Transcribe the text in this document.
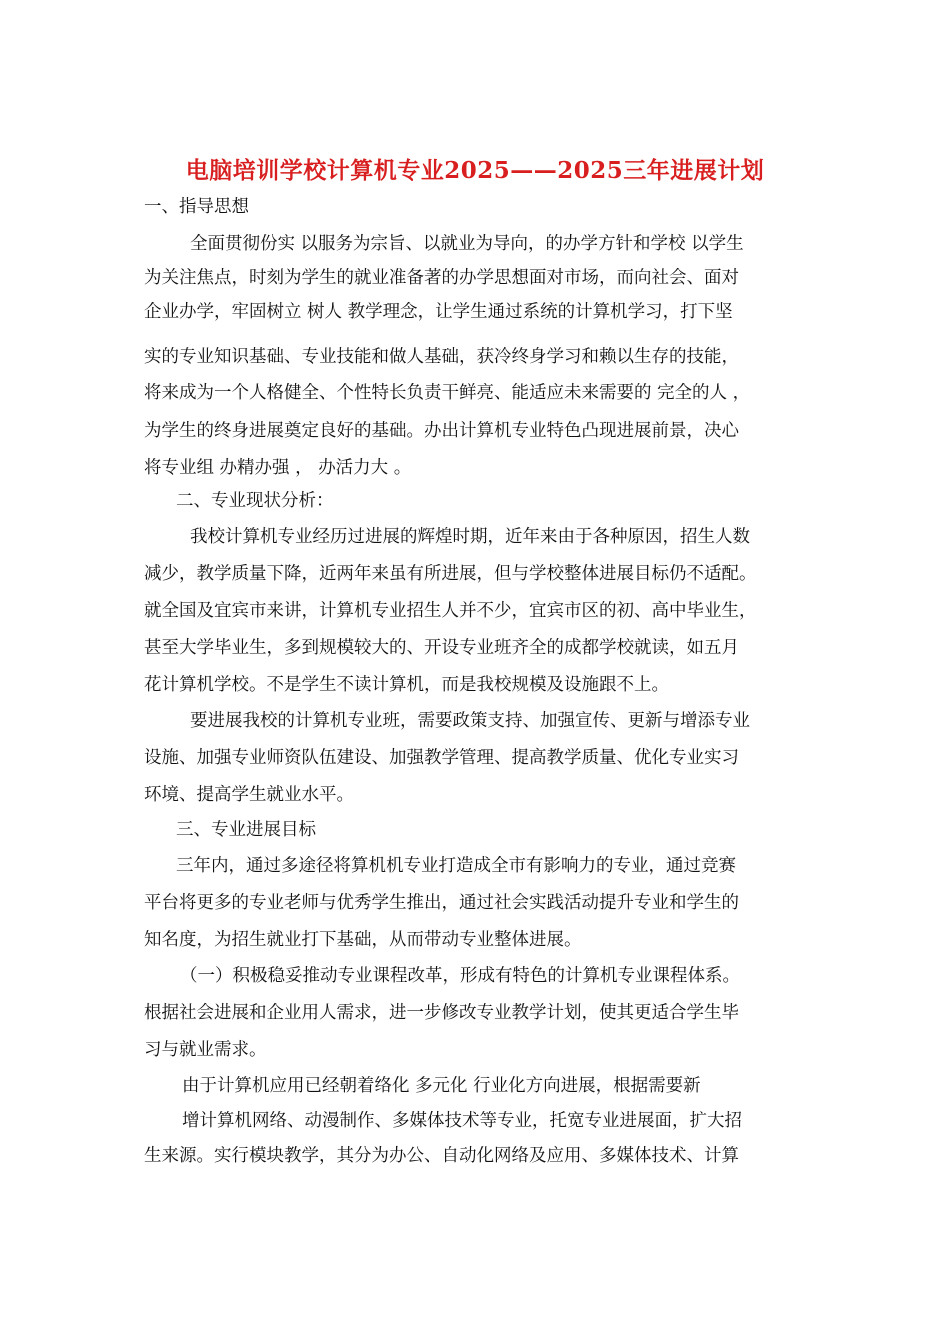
电脑培训学校计算机专业2025——2025三年进展计划

一、指导思想

全面贯彻份实 以服务为宗旨、以就业为导向，的办学方针和学校 以学生

为关注焦点，时刻为学生的就业准备著的办学思想面对市场，而向社会、面对

企业办学，牢固树立 树人 教学理念，让学生通过系统的计算机学习，打下坚

实的专业知识基础、专业技能和做人基础，获冷终身学习和赖以生存的技能，

将来成为一个人格健全、个性特长负责干鲜亮、能适应未来需要的 完全的人 ，

为学生的终身进展奠定良好的基础。办出计算机专业特色凸现进展前景，决心

将专业组 办精办强 ， 办活力大 。

二、专业现状分析：

我校计算机专业经历过进展的辉煌时期，近年来由于各种原因，招生人数

减少，教学质量下降，近两年来虽有所进展，但与学校整体进展目标仍不适配。

就全国及宜宾市来讲，计算机专业招生人并不少，宜宾市区的初、高中毕业生，

甚至大学毕业生，多到规模较大的、开设专业班齐全的成都学校就读，如五月

花计算机学校。不是学生不读计算机，而是我校规模及设施跟不上。

要进展我校的计算机专业班，需要政策支持、加强宣传、更新与增添专业

设施、加强专业师资队伍建设、加强教学管理、提高教学质量、优化专业实习

环境、提高学生就业水平。

三、专业进展目标

三年内，通过多途径将算机机专业打造成全市有影响力的专业，通过竞赛

平台将更多的专业老师与优秀学生推出，通过社会实践活动提升专业和学生的

知名度，为招生就业打下基础，从而带动专业整体进展。

（一）积极稳妥推动专业课程改革，形成有特色的计算机专业课程体系。

根据社会进展和企业用人需求，进一步修改专业教学计划，使其更适合学生毕

习与就业需求。

由于计算机应用已经朝着络化 多元化 行业化方向进展，根据需要新

增计算机网络、动漫制作、多媒体技术等专业，托宽专业进展面，扩大招

生来源。实行模块教学，其分为办公、自动化网络及应用、多媒体技术、计算
